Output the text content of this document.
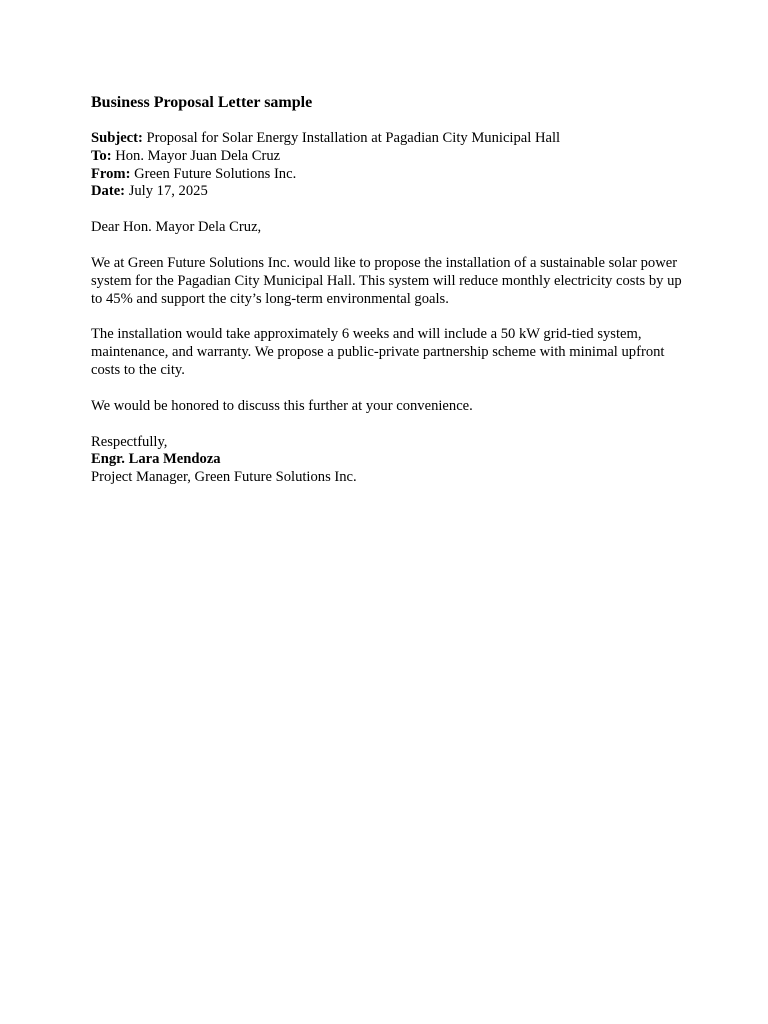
Business Proposal Letter sample
Subject: Proposal for Solar Energy Installation at Pagadian City Municipal Hall
To: Hon. Mayor Juan Dela Cruz
From: Green Future Solutions Inc.
Date: July 17, 2025
Dear Hon. Mayor Dela Cruz,
We at Green Future Solutions Inc. would like to propose the installation of a sustainable solar power system for the Pagadian City Municipal Hall. This system will reduce monthly electricity costs by up to 45% and support the city’s long-term environmental goals.
The installation would take approximately 6 weeks and will include a 50 kW grid-tied system, maintenance, and warranty. We propose a public-private partnership scheme with minimal upfront costs to the city.
We would be honored to discuss this further at your convenience.
Respectfully,
Engr. Lara Mendoza
Project Manager, Green Future Solutions Inc.
